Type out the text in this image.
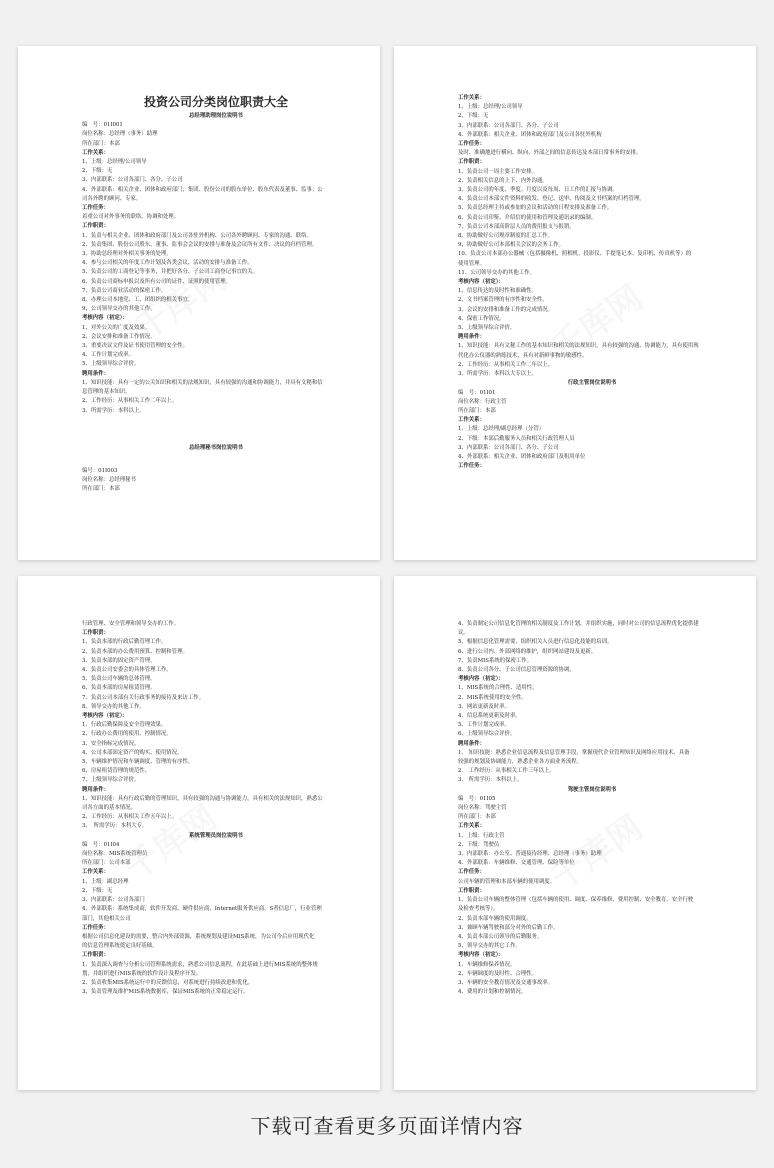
投资公司分类岗位职责大全
总经理助理岗位说明书
编　号：01I001
岗位名称：总经理（事务）助理
所在部门：本部
工作关系：
1、上级：总经理/公司领导
2、下级：无
3、内部联系：公司各部门、各分、子公司
4、外部联系：相关企业、团体和政府部门；集团、股份公司的股东单位、股东代表及董事、监事；公
司各外聘的顾问、专家。
工作任务：
着重公司对外事务的联络、协调和处理。
工作职责：
1、负责与相关企业、团体和政府部门及公司各驻外机构、公司各外聘顾问、专家的沟通、联络。
2、负责集团、股份公司股东、董事、监事会会议的安排与准备及会议所有文件、决议的归档管理。
3、协助总经理对外相关事务的处理。
4、参与公司相关的年度工作计划及各类会议、活动的安排与准备工作。
5、负责公司的工商登记等事务，并把好各分、子公司工商登记事宜的关。
6、负责公司商标申报以及所有公司的证件、证照的使用管理。
7、负责公司商业活动的保密工作。
8、办理公司本地党、工、团组织的相关事宜。
9、公司领导交办的其他工作。
考核内容（初定）：
1、对外公关的广度及效果。
2、会议安排和准备工作情况。
3、重要决议文件及证书使用管理的安全性。
4、工作计划完成率。
5、上级领导综合评价。
聘用条件：
1、知识技能：具有一定的公关知识和相关的法规知识，具有较强的沟通和协调能力，并具有文秘和信
息管理的基本知识。
2、工作经历：从事相关工作二年以上。
3、所需学历：本科以上。
总经理秘书岗位说明书
编号：01I003
岗位名称：总经理秘书
所在部门：本部
工作关系：
1、上级：总经理/公司领导
2、下级：无
3、内部联系：公司各部门、各分、子公司
4、外部联系：相关企业、团体和政府部门及公司各驻外机构
工作任务：
及时、准确地进行横向、纵向、外部之间的信息传达及本部日常事务的安排。
工作职责：
1、负责公司一周主要工作安排。
2、负责相关信息的上下、内外沟通。
3、负责公司的年度、季度、月度以及每周、日工作的汇报与协调。
4、负责公司本部文件资料的收发、登记、送审、传阅及文书档案的归档管理。
5、负责总经理主持或参加的会议和活动的日程安排及准备工作。
6、负责公司印鉴、介绍信的使用和管理及通讯录的编制。
7、负责公司本部高阶层人员的费用报支与报销。
8、协助做好公司规章制度的汇总工作。
9、协助做好公司本部相关会议的会务工作。
10、负责公司本部办公器械（包括摄像机、照相机、投影仪、手提笔记本、复印机、传真机等）的
使用管理。
11、公司领导交办的其他工作。
考核内容（初定）：
1、信息传达的及时性和准确性。
2、文书档案管理的有序性和安全性。
3、会议的安排和准备工作的完成情况。
4、保密工作情况。
5、上级领导综合评价。
聘用条件：
1、知识技能：具有文秘工作的基本知识和相关的法规知识，具有较强的沟通、协调能力，具有使用现
代化办公仪器的熟练技术，具有对新鲜事物的敏感性。
2、工作经历：从事相关工作二年以上。
3、所需学历：本科以大专以上。
行政主管岗位说明书
编　号：01I01
岗位名称：行政主管
所在部门：本部
工作关系：
1、上级：总经理/副总经理（分管）
2、下级：本部后勤服务人员和相关行政管理人员
3、内部联系：公司各部门、各分、子公司
4、外部联系：相关企业、团体和政府部门及租用单位
工作任务：
行政管理、安全管理和领导交办的工作。
工作职责：
1、负责本部的行政后勤管理工作。
2、负责本部的办公费用预算、控制和管理。
3、负责本部的固定资产管理。
4、负责公司安委会的具体管理工作。
5、负责公司车辆的总体管理。
6、负责本部的房屋租赁管理。
7、负责公司本部有关行政事务的接待及来访工作。
8、领导交办的其他工作。
考核内容（初定）：
1、行政后勤保障及安全管理效果。
2、行政办公费用的使用、控制情况。
3、安全指标完成情况。
4、公司本部固定资产的购买、使用情况。
5、车辆维护情况和车辆调度、管理的有序性。
6、房屋租赁管理的规范性。
7、上级领导综合评价。
聘用条件：
1、知识技能：具有行政后勤的管理知识，具有较强的沟通与协调能力，具有相关的法规知识，熟悉公
司各方面的基本情况。
2、工作经历：从事相关工作五年以上。
3、　所需学历：本科大专。
系统管理员岗位说明书
编　号：01I04
岗位名称：MIS系统管理员
所在部门：公司本部
工作关系：
1、上级：副总经理
2、下级：无
3、内部联系：公司各部门
4、外部联系：系统集成商，软件开发商、硬件供应商，Internet服务供应商，S者信息厂，行业管理
部门，其他相关公司
工作任务：
根据公司信息化建设的需要，整合内外部资源，系统规划及建设MIS系统，为公司今后应用现代化
的信息管理系统奠定良好基础。
工作职责：
1、负责深入调查与分析公司管理系统需求，熟悉公司信息流程，在此基础上进行MIS系统的整体规
划，并组织进行MIS系统的软件设计及程序开发。
2、负责收集MIS系统运行中的反馈信息，对系统进行持续改进和优化。
3、负责管理及维护MIS系统数据库，保证MIS系统的正常稳定运行。
4、负责制定公司信息化管理的相关制度及工作计划，并组织实施，同时对公司的信息流程优化提供建
议。
5、根据信息化管理需要，组织相关人员进行信息化技能的培训。
6、进行公司内、外部网络的维护，组织网站建设及更新。
7、负责MIS系统的保密工作。
8、负责公司各分、子公司信息管理资源的协调。
考核内容（初定）：
1、MIS系统的合理性、适用性。
2、MIS系统使用的安全性。
3、网站更新及时率。
4、信息系统更新及时率。
5、工作计划完成率。
6、上级领导综合评价。
聘用条件：
1.　知识技能：熟悉企业信息流程及信息管理手段，掌握现代企业管理知识及网络应用技术，具备
较强的规划及协调能力，熟悉企业各方面业务流程。
2.　工作经历：从事相关工作三年以上。
3.　所需学历：本科以上。
驾驶主管岗位说明书
编　号：01I05
岗位名称：驾驶主管
所在部门：本部
工作关系：
1、上级：行政主管
2、下级：驾驶员
3、内部联系：办公室、普通接待经理、总经理（事务）助理
4、外部联系：车辆维修、交通管理、保险等单位
工作任务：
公司车辆的管理和本部车辆的使用调度。
工作职责：
1、负责公司车辆的整体管理（包括车辆的使用、调度、保养维修、费用控制、安全教育、安全行驶
及检查考核等）。
2、负责本部车辆的使用调度。
3、兼顾车辆驾驶和部分对外的后勤工作。
4、负责本部公司领导的后勤服务。
5、领导交办的其它工作。
考核内容（初定）：
1、车辆维修保养情况。
2、车辆调度的及时性、合理性。
3、车辆的安全教育情况及交通事故率。
4、费用的计划和控制情况。
下载可查看更多页面详情内容
